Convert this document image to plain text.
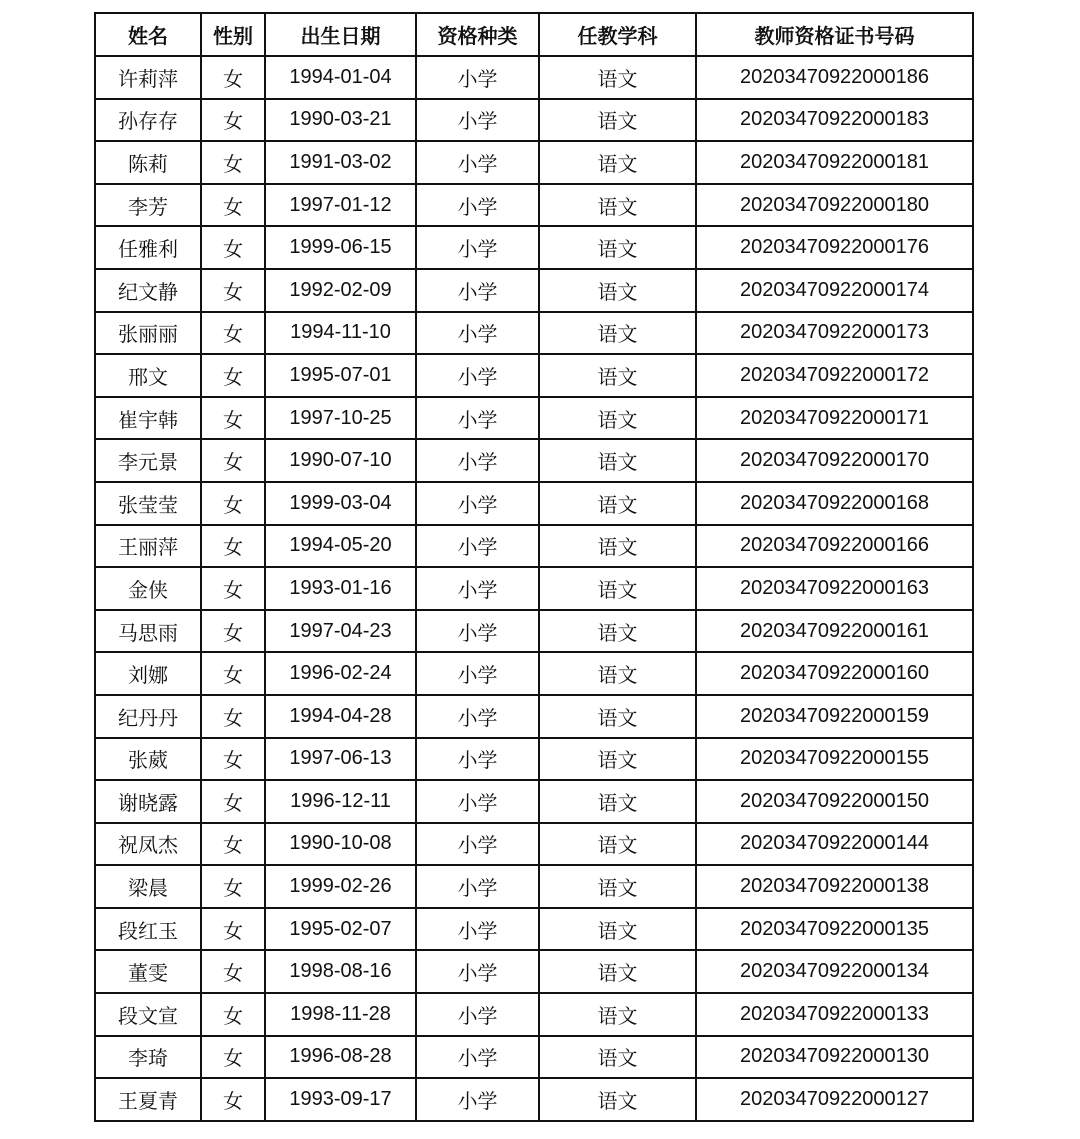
姓名	性别	出生日期	资格种类	任教学科	教师资格证书号码
许莉萍	女	1994-01-04	小学	语文	20203470922000186
孙存存	女	1990-03-21	小学	语文	20203470922000183
陈莉	女	1991-03-02	小学	语文	20203470922000181
李芳	女	1997-01-12	小学	语文	20203470922000180
任雅利	女	1999-06-15	小学	语文	20203470922000176
纪文静	女	1992-02-09	小学	语文	20203470922000174
张丽丽	女	1994-11-10	小学	语文	20203470922000173
邢文	女	1995-07-01	小学	语文	20203470922000172
崔宇韩	女	1997-10-25	小学	语文	20203470922000171
李元景	女	1990-07-10	小学	语文	20203470922000170
张莹莹	女	1999-03-04	小学	语文	20203470922000168
王丽萍	女	1994-05-20	小学	语文	20203470922000166
金侠	女	1993-01-16	小学	语文	20203470922000163
马思雨	女	1997-04-23	小学	语文	20203470922000161
刘娜	女	1996-02-24	小学	语文	20203470922000160
纪丹丹	女	1994-04-28	小学	语文	20203470922000159
张葳	女	1997-06-13	小学	语文	20203470922000155
谢晓露	女	1996-12-11	小学	语文	20203470922000150
祝凤杰	女	1990-10-08	小学	语文	20203470922000144
梁晨	女	1999-02-26	小学	语文	20203470922000138
段红玉	女	1995-02-07	小学	语文	20203470922000135
董雯	女	1998-08-16	小学	语文	20203470922000134
段文宣	女	1998-11-28	小学	语文	20203470922000133
李琦	女	1996-08-28	小学	语文	20203470922000130
王夏青	女	1993-09-17	小学	语文	20203470922000127
